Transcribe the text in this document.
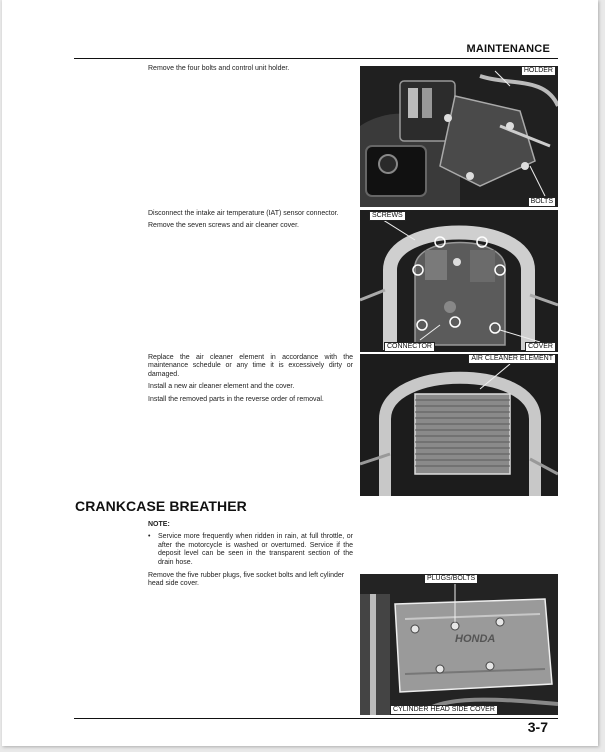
MAINTENANCE

Remove the four bolts and control unit holder.	HOLDER
BOLTS

Disconnect the intake air temperature (IAT) sensor connector.

Remove the seven screws and air cleaner cover.

SCREWS
CONNECTOR	COVER

Replace the air cleaner element in accordance with the maintenance schedule or any time it is excessively dirty or damaged.

Install a new air cleaner element and the cover.

Install the removed parts in the reverse order of removal.

AIR CLEANER ELEMENT
CRANKCASE BREATHER

NOTE:

•	Service more frequently when ridden in rain, at full throttle, or after the motorcycle is washed or overturned. Service if the deposit level can be seen in the transparent section of the drain hose.

Remove the five rubber plugs, five socket bolts and left cylinder head side cover.

HONDA
PLUGS/BOLTS
CYLINDER HEAD SIDE COVER
3-7
